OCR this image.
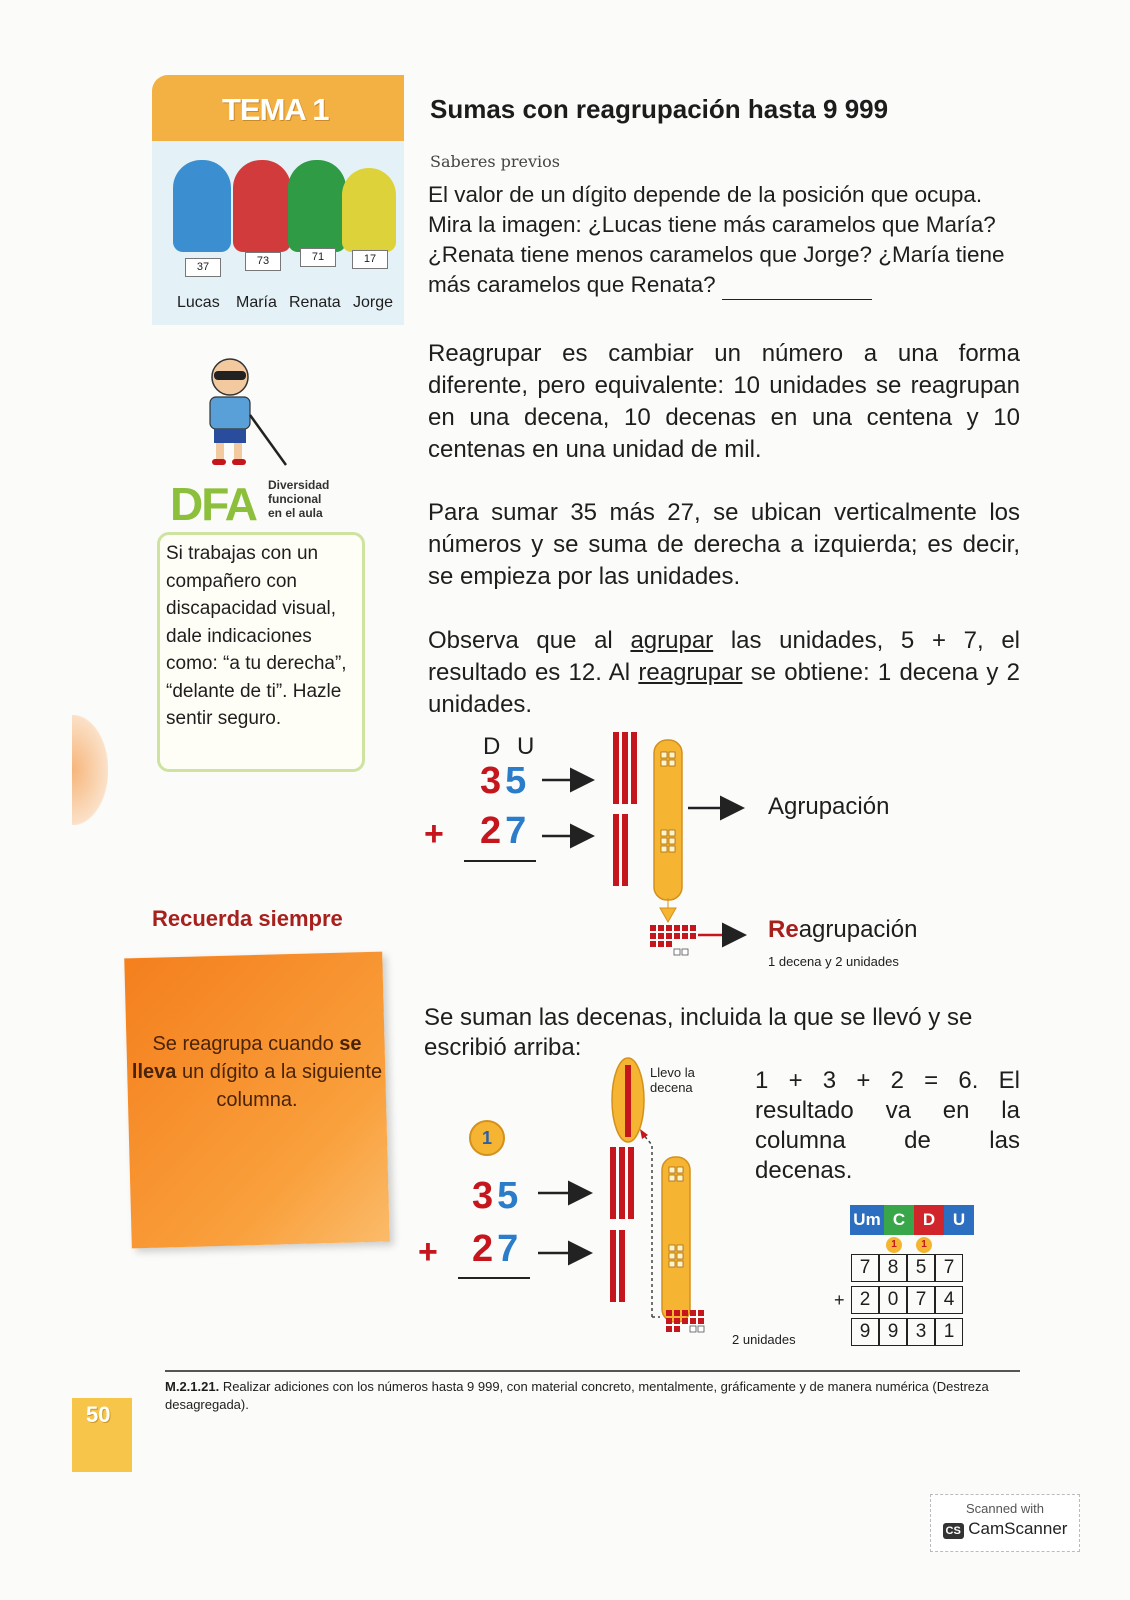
TEMA 1	Sumas con reagrupación hasta 9 999
37	73	71	17
Lucas María Renata Jorge
Saberes previos
El valor de un dígito depende de la posición que ocupa. Mira la imagen: ¿Lucas tiene más caramelos que María? ¿Renata tiene menos caramelos que Jorge? ¿María tiene más caramelos que Renata?
Reagrupar es cambiar un número a una forma diferente, pero equivalente: 10 unidades se reagrupan en una decena, 10 decenas en una centena y 10 centenas en una unidad de mil.
DFA Diversidad
funcional
en el aula
Si trabajas con un compañero con discapacidad visual, dale indicaciones como: “a tu derecha”, “delante de ti”. Hazle sentir seguro.
Para sumar 35 más 27, se ubican verticalmente los números y se suma de derecha a izquierda; es decir, se empieza por las unidades.
Observa que al agrupar las unidades, 5 + 7, el resultado es 12. Al reagrupar se obtiene: 1 decena y 2 unidades.
D U
35
+ 27
Agrupación
Reagrupación
1 decena y 2 unidades
Recuerda siempre
Se reagrupa cuando se lleva un dígito a la siguiente columna.
Se suman las decenas, incluida la que se llevó y se escribió arriba:
1
35
+ 27
Llevo la decena
2 unidades
1 + 3 + 2 = 6. El resultado va en la columna de las decenas.
Um C	D	U
1	1
+
7 8 5 7
2 0 7 4
9 9 3 1
M.2.1.21. Realizar adiciones con los números hasta 9 999, con material concreto, mentalmente, gráficamente y de manera numérica (Destreza desagregada).
50
Scanned with
CS CamScanner
